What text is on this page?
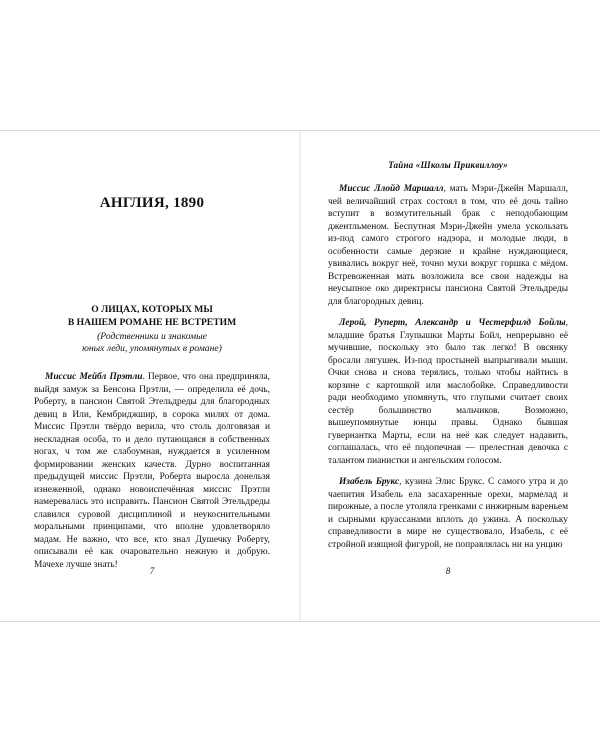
АНГЛИЯ, 1890
О ЛИЦАХ, КОТОРЫХ МЫ
В НАШЕМ РОМАНЕ НЕ ВСТРЕТИМ
(Родственники и знакомые
юных леди, упомянутых в романе)

Миссис Мейбл Прэтли. Первое, что она предприняла, выйдя замуж за Бенсона Прэтли, — определила её дочь, Роберту, в пансион Святой Этельдреды для благородных девиц в Или, Кембриджшир, в сорока милях от дома. Миссис Прэтли твёрдо верила, что столь долговязая и нескладная особа, то и дело путающаяся в собственных ногах, ч том же слабоумная, нуждается в усиленном формировании женских качеств. Дурно воспитанная предыдущей миссис Прэтли, Роберта выросла донельзя изнеженной, однако новоиспечённая миссис Прэтли намеревалась это исправить. Пансион Святой Этельдреды славился суровой дисциплиной и неукоснительными моральными принципами, что вполне удовлетворяло мадам. Не важно, что все, кто знал Душечку Роберту, описывали её как очаровательно нежную и добрую. Мачехе лучше знать!

7
Тайна «Школы Приквиллоу»

Миссис Ллойд Маршалл, мать Мэри-Джейн Маршалл, чей величайший страх состоял в том, что её дочь тайно вступит в возмутительный брак с неподобающим джентльменом. Беспутная Мэри-Джейн умела ускользать из-под самого строгого надзора, и молодые люди, в особенности самые дерзкие и крайне нуждающиеся, увивались вокруг неё, точно мухи вокруг горшка с мёдом. Встревоженная мать возложила все свои надежды на неусыпное око директрисы пансиона Святой Этельдреды для благородных девиц.

Лерой, Руперт, Александр и Честерфилд Бойлы, младшие братья Глупышки Марты Бойл, непрерывно её мучившие, поскольку это было так легко! В овсянку бросали лягушек. Из-под простыней выпрыгивали мыши. Очки снова и снова терялись, только чтобы найтись в корзине с картошкой или маслобойке. Справедливости ради необходимо упомянуть, что глупыми считает своих сестёр большинство мальчиков. Возможно, вышеупомянутые юнцы правы. Однако бывшая гувернантка Марты, если на неё как следует надавить, соглашалась, что её подопечная — прелестная девочка с талантом пианистки и ангельским голосом.

Изабель Брукс, кузина Элис Брукс. С самого утра и до чаепития Изабель ела засахаренные орехи, мармелад и пирожные, а после утоляла гренками с инжирным вареньем и сырными круассанами вплоть до ужина. А поскольку справедливости в мире не существовало, Изабель, с её стройной изящной фигурой, не поправлялась ни на унцию

8
